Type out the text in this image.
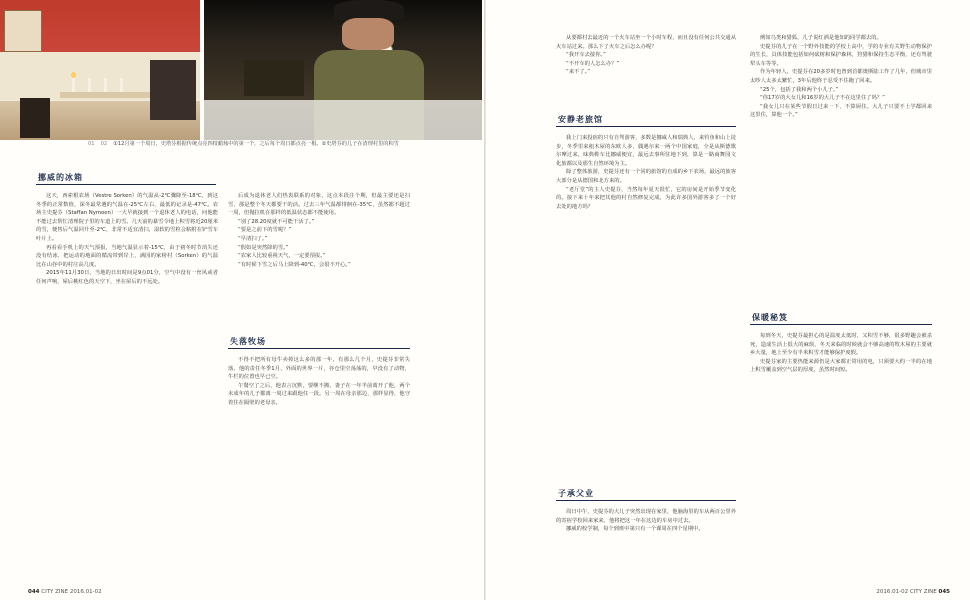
01 02 ①12月第一个周日，史塔芬根据传统点亮四枝蜡烛中的第一个，之后每个周日都点亮一根。②史塔芬的儿子在清理村里的积雪
挪威的冰箱

这天，西索根农场（Vestre Sorken）的气温从-2℃骤降至-18℃，到这冬季的正常数值，深冬最常遇的气温在-25℃左右，最低的记录是-47℃。农场主史提芬（Staffan Nymoen）一大早就接到一个退休老人的电话，问他能不能过去帮忙清理院子里的车道上的雪。几天前的暴雪令地上积雪将近20厘米的雪，便售后气温回升至-2℃，非常不适宜清扫，湿软的雪粒会粘附在铲雪车叶片上。

再看看手机上的天气预报，当地气温显示着-15℃，由于初冬时节消失还没有结冰，把运动的地面的循流带到岸上，满园的家榜村（Sorken）的气温比在山谷中的村庄高几度。

2015年11月30日，当地的日出时间是9点01分，空气中没有一丝风或者任何声响，屋后桃红色的天空下，坐在屋后的不远处。

后成为退休老人们热衷联系的对象，这点本段注个期，但最主要还是扫雪，那是整个冬天都要干的活。过去三年气温都徘徊在-35℃，虽然都不超过一周，但抛拉机在那样的低温状态都不能使用。

“别了28.20度就不可能干活了。”

“要是之前下的雪呢？”

“早清扫了。”

“假如是突然降的雪。”

“农家人比较重视天气，一定要预报。”

“有时候下雪之后马上降到-40℃，会很不开心。”

失落牧场

不得不把所有母牛卖掉这么多的那一年，有那么几个月，史提芬非常失落，他的责任冬季1月，外面的世界一片，谷仓里空荡荡的，早没有了动物，牛栏的位置也早已空。

午餐空了之后，他表言沉默，要继不搬，妻子在一年半前离开了他，两个未成年的儿子都离一周过来跟他住一段。另一周在母亲那边，那样显得，他守着住在隔壁的老母亲。

044 CITY ZINE 2016.01-02

从要都村去最近的一个火车站坐一个小时车程，而且没有任何公共交通从火车站过来。那么下了火车之后怎么办呢？

“我开车去接你。”

“不开车的人怎么办？”

“来不了。”

安静老旅馆

我上门来投宿的只有自驾游客，多数是挪威人和瑞典人，来钓鱼和山上徒步，冬季里来租木屋的东欧人多，偶遇尔来一两个中国家庭，全是从斯德歌尔摩过来，味典鞋车比挪威便宜，最远去事所驻地下到，算是一路商舞园文化旅都以及那生自然环境为主。

除了整体旅游，史提芬还有一个同的旅馆的自成的乡下农场，最远的旅客大部分是从德国和北方来的。

“老厅堂”的主人史提芬，当然每年夏天很忙，它的房间是开始季节变化的。接下来十年来把其他的村自然修复完成，为此许多国外游客多了一个好去处的地方吗？

子承父业

周日中午，史提芬的大儿子突然出现在家里，他脑海里的车从两百公里外的寄宿学校回来家来，他将把这一年在这边的车房中过去。

挪威的校学制，每个到班中第只有一个课周在四个星期中。

例如乌类和猎狐，儿子说红酒是他知的同学都去的。

史提芬的儿子在一个野外技能的学校上高中，学的专业有关野生动物保护的生长，具体技能包括如何砍树和保护森林，狩猎和保持生态平衡，还有驾驶犁头车等等。

作为年轻人，史提芬在20多岁时也曾到首都奥斯陆工作了几年，但城市里太吵人太多太繁忙，3年后他终于忍受不住跑了回来。

“25个，包括了我和两个小儿子。”

“你17岁的大女儿和16岁的大儿子不在这里住了吗？”

“我女儿只在某些节假日过来一下，不算厨住。大儿子只要不上学都回来这里住，算他一个。”

保暖秘笈

每到冬天，史提芬最担心的是温度太低时，又积雪不够，很多野趣会被杀死，造成生活上很大的麻烦，冬天来临的时候就会不够高速的牧木屋的主要就乡大量，地上至少有半米积雪才能够保护度假。

史提芬家的主要热能来源仍是大家都正常用的电，只须要大约一半的在地上积雪覆盖到空气层的厚度，虽然时间短。

2016.01-02 CITY ZINE 045
